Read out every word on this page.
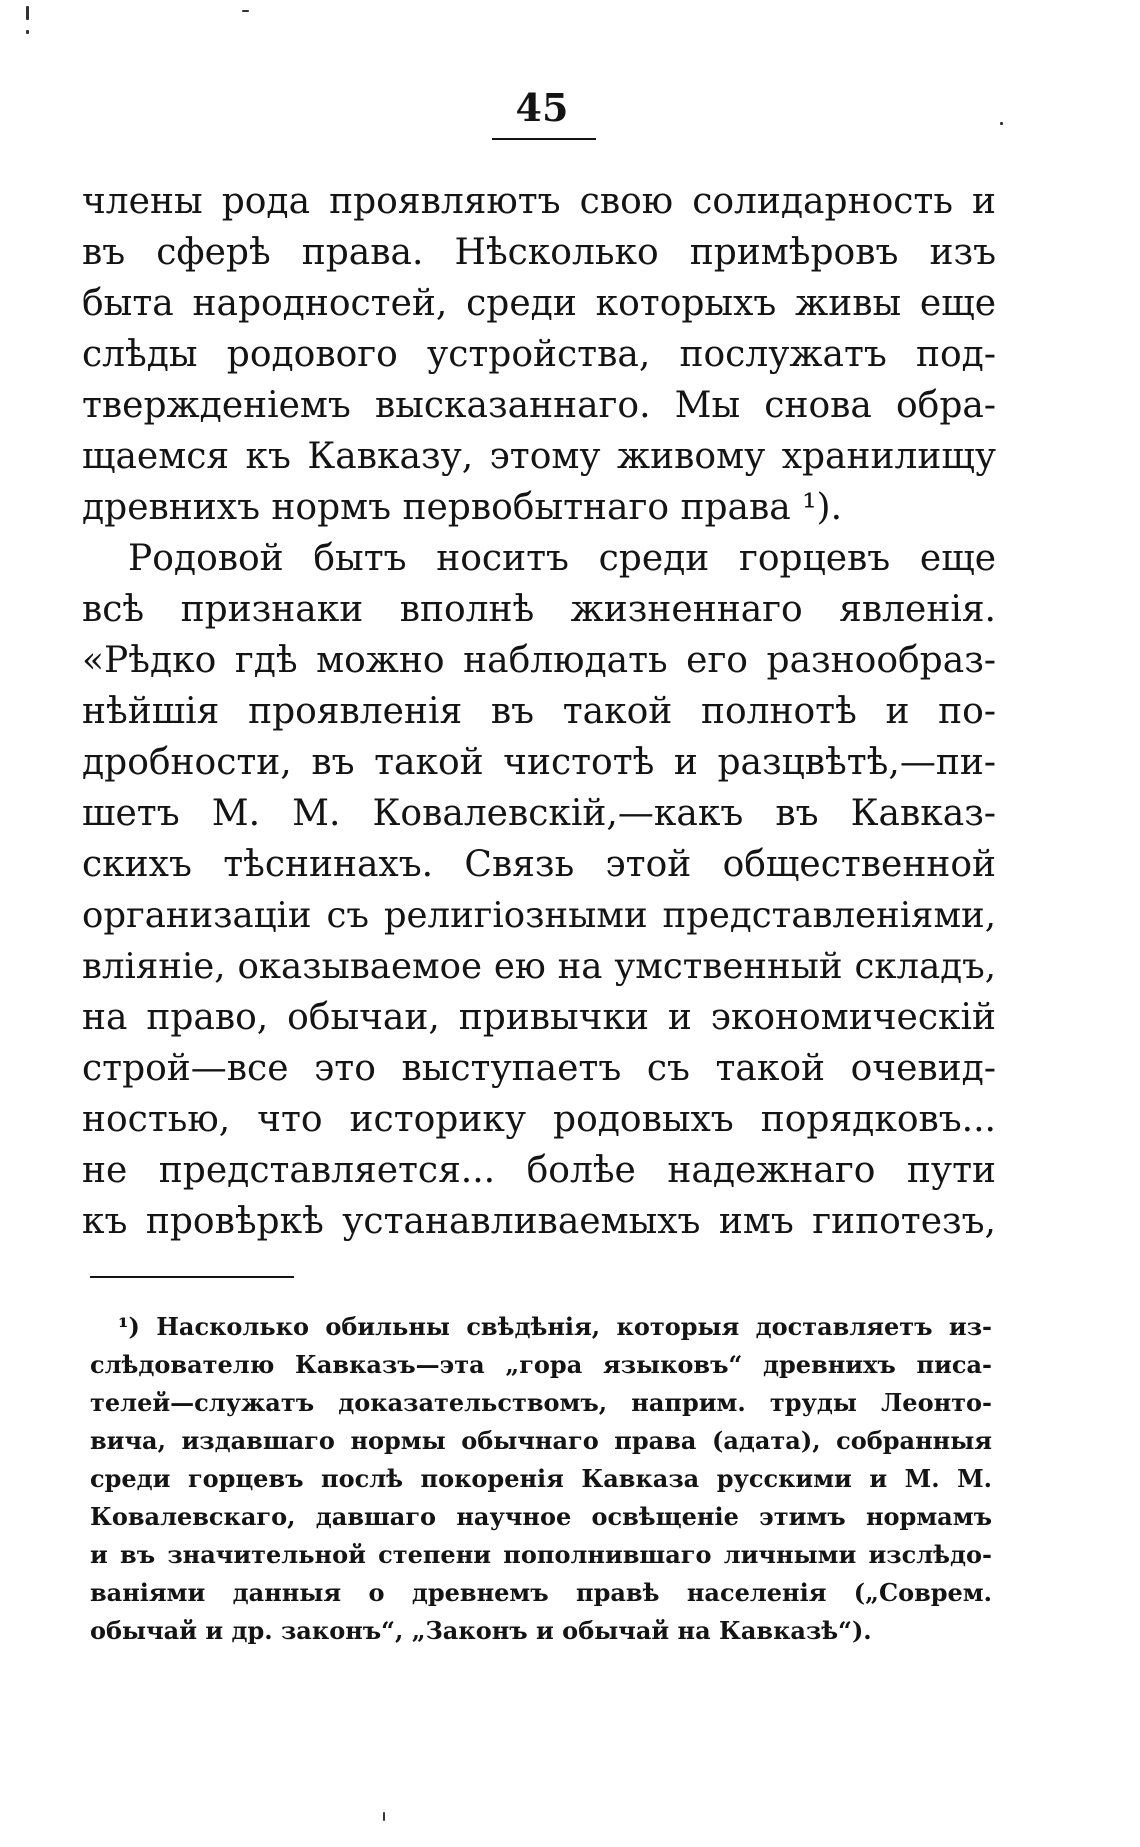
45
члены рода проявляютъ свою солидарность и
въ сферѣ права. Нѣсколько примѣровъ изъ
быта народностей, среди которыхъ живы еще
слѣды родового устройства, послужатъ под-
твержденіемъ высказаннаго. Мы снова обра-
щаемся къ Кавказу, этому живому хранилищу
древнихъ нормъ первобытнаго права ¹).
Родовой бытъ носитъ среди горцевъ еще
всѣ признаки вполнѣ жизненнаго явленія.
«Рѣдко гдѣ можно наблюдать его разнообраз-
нѣйшія проявленія въ такой полнотѣ и по-
дробности, въ такой чистотѣ и разцвѣтѣ,—пи-
шетъ М. М. Ковалевскій,—какъ въ Кавказ-
скихъ тѣснинахъ. Связь этой общественной
организаціи съ религіозными представленіями,
вліяніе, оказываемое ею на умственный складъ,
на право, обычаи, привычки и экономическій
строй—все это выступаетъ съ такой очевид-
ностью, что историку родовыхъ порядковъ...
не представляется... болѣе надежнаго пути
къ провѣркѣ устанавливаемыхъ имъ гипотезъ,
¹) Насколько обильны свѣдѣнія, которыя доставляетъ из-
слѣдователю Кавказъ—эта „гора языковъ“ древнихъ писа-
телей—служатъ доказательствомъ, наприм. труды Леонто-
вича, издавшаго нормы обычнаго права (адата), собранныя
среди горцевъ послѣ покоренія Кавказа русскими и М. М.
Ковалевскаго, давшаго научное освѣщеніе этимъ нормамъ
и въ значительной степени пополнившаго личными изслѣдо-
ваніями данныя о древнемъ правѣ населенія („Соврем.
обычай и др. законъ“, „Законъ и обычай на Кавказѣ“).
